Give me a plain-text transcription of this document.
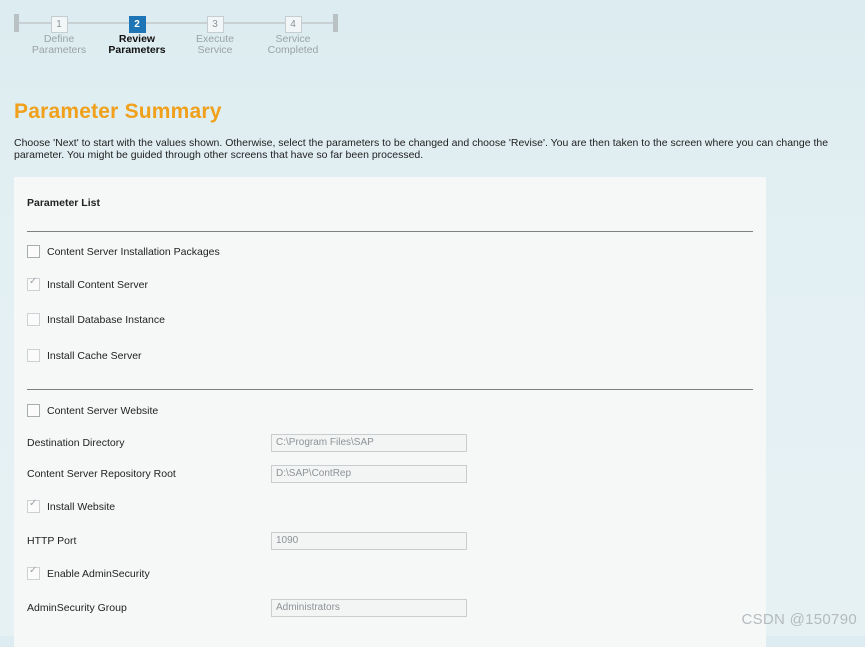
1
Define
Parameters
2
Review
Parameters
3
Execute
Service
4
Service
Completed
Parameter Summary

Choose 'Next' to start with the values shown. Otherwise, select the parameters to be changed and choose 'Revise'. You are then taken to the screen where you can change the parameter. You might be guided through other screens that have so far been processed.

Parameter List
Content Server Installation Packages
✓ Install Content Server
Install Database Instance
Install Cache Server
Content Server Website
Destination Directory	C:\Program Files\SAP
Content Server Repository Root	D:\SAP\ContRep
✓ Install Website
HTTP Port	1090
✓ Enable AdminSecurity
AdminSecurity Group	Administrators
CSDN @150790
